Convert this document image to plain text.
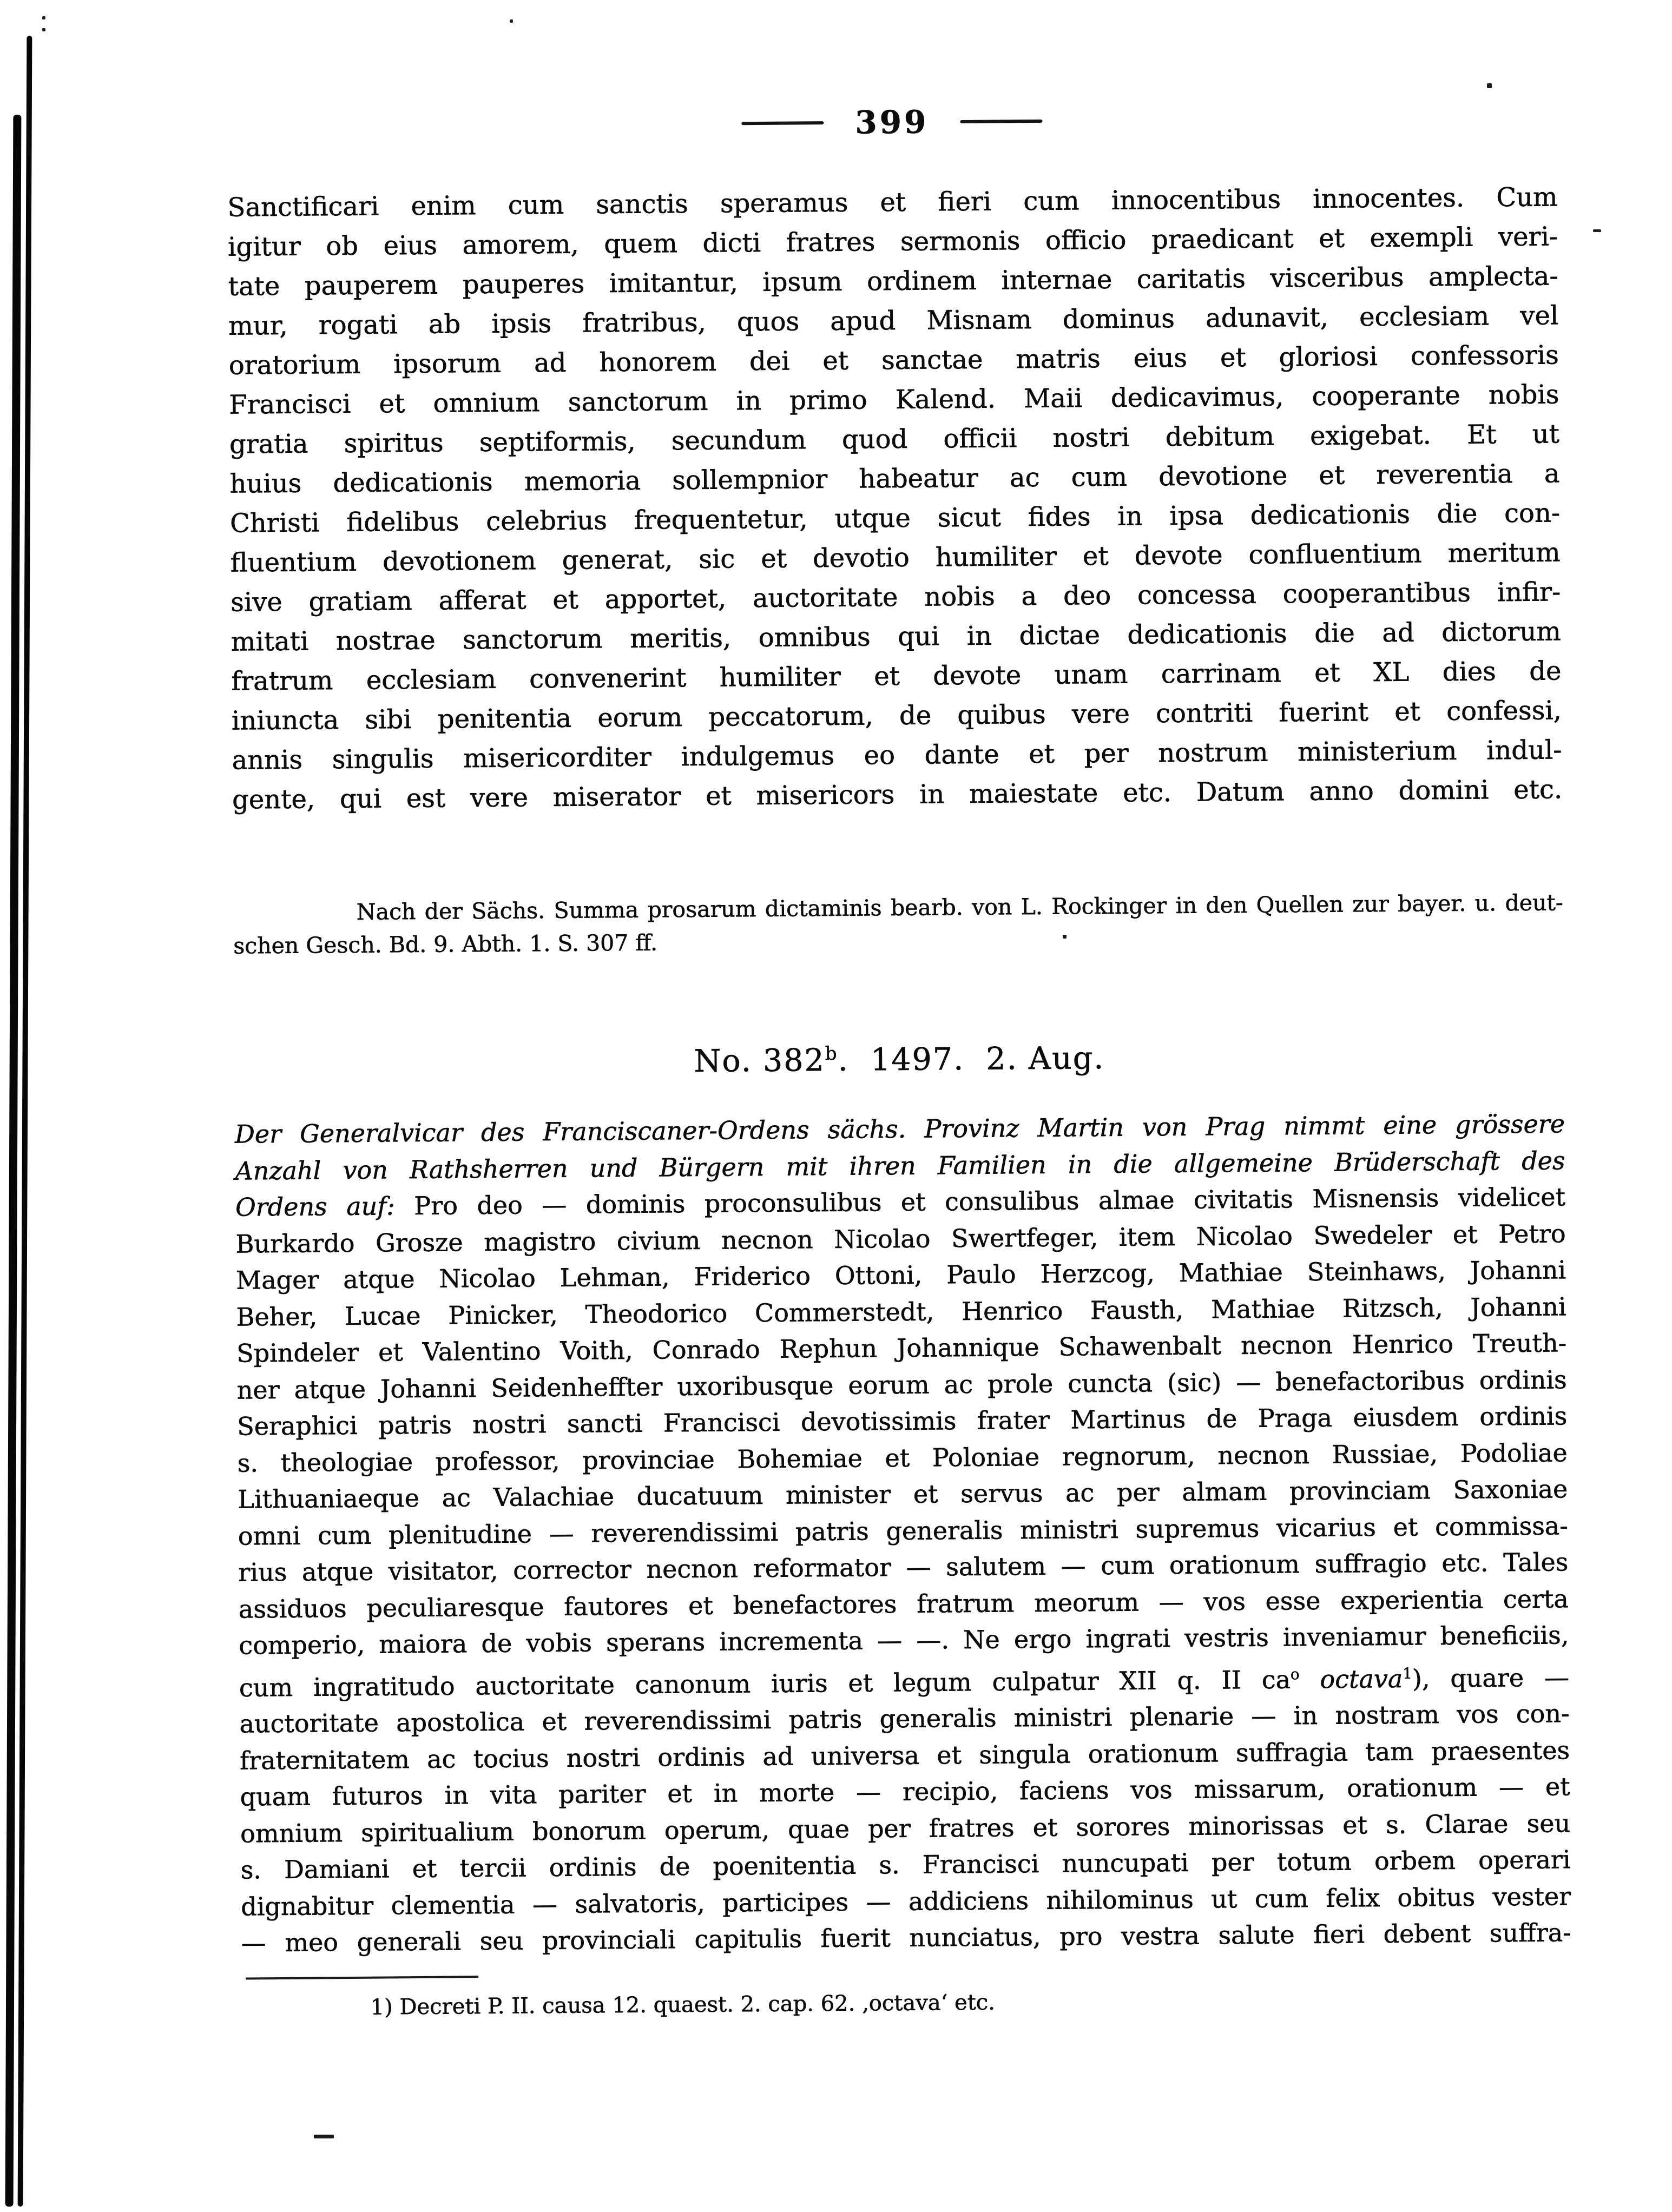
399
Sanctificari enim cum sanctis speramus et fieri cum innocentibus innocentes. Cum
igitur ob eius amorem, quem dicti fratres sermonis officio praedicant et exempli veri-
tate pauperem pauperes imitantur, ipsum ordinem internae caritatis visceribus amplecta-
mur, rogati ab ipsis fratribus, quos apud Misnam dominus adunavit, ecclesiam vel
oratorium ipsorum ad honorem dei et sanctae matris eius et gloriosi confessoris
Francisci et omnium sanctorum in primo Kalend. Maii dedicavimus, cooperante nobis
gratia spiritus septiformis, secundum quod officii nostri debitum exigebat. Et ut
huius dedicationis memoria sollempnior habeatur ac cum devotione et reverentia a
Christi fidelibus celebrius frequentetur, utque sicut fides in ipsa dedicationis die con-
fluentium devotionem generat, sic et devotio humiliter et devote confluentium meritum
sive gratiam afferat et apportet, auctoritate nobis a deo concessa cooperantibus infir-
mitati nostrae sanctorum meritis, omnibus qui in dictae dedicationis die ad dictorum
fratrum ecclesiam convenerint humiliter et devote unam carrinam et XL dies de
iniuncta sibi penitentia eorum peccatorum, de quibus vere contriti fuerint et confessi,
annis singulis misericorditer indulgemus eo dante et per nostrum ministerium indul-
gente, qui est vere miserator et misericors in maiestate etc. Datum anno domini etc.
Nach der Sächs. Summa prosarum dictaminis bearb. von L. Rockinger in den Quellen zur bayer. u. deut-
schen Gesch. Bd. 9. Abth. 1. S. 307 ff.
No. 382$^b$.  1497.  2. Aug.
Der Generalvicar des Franciscaner-Ordens sächs. Provinz Martin von Prag nimmt eine grössere
Anzahl von Rathsherren und Bürgern mit ihren Familien in die allgemeine Brüderschaft des
Ordens auf: Pro deo — dominis proconsulibus et consulibus almae civitatis Misnensis videlicet
Burkardo Grosze magistro civium necnon Nicolao Swertfeger, item Nicolao Swedeler et Petro
Mager atque Nicolao Lehman, Friderico Ottoni, Paulo Herzcog, Mathiae Steinhaws, Johanni
Beher, Lucae Pinicker, Theodorico Commerstedt, Henrico Fausth, Mathiae Ritzsch, Johanni
Spindeler et Valentino Voith, Conrado Rephun Johannique Schawenbalt necnon Henrico Treuth-
ner atque Johanni Seidenheffter uxoribusque eorum ac prole cuncta (sic) — benefactoribus ordinis
Seraphici patris nostri sancti Francisci devotissimis frater Martinus de Praga eiusdem ordinis
s. theologiae professor, provinciae Bohemiae et Poloniae regnorum, necnon Russiae, Podoliae
Lithuaniaeque ac Valachiae ducatuum minister et servus ac per almam provinciam Saxoniae
omni cum plenitudine — reverendissimi patris generalis ministri supremus vicarius et commissa-
rius atque visitator, corrector necnon reformator — salutem — cum orationum suffragio etc. Tales
assiduos peculiaresque fautores et benefactores fratrum meorum — vos esse experientia certa
comperio, maiora de vobis sperans incrementa — —. Ne ergo ingrati vestris inveniamur beneficiis,
cum ingratitudo auctoritate canonum iuris et legum culpatur XII q. II $ca^o$ octava$^1$), quare —
auctoritate apostolica et reverendissimi patris generalis ministri plenarie — in nostram vos con-
fraternitatem ac tocius nostri ordinis ad universa et singula orationum suffragia tam praesentes
quam futuros in vita pariter et in morte — recipio, faciens vos missarum, orationum — et
omnium spiritualium bonorum operum, quae per fratres et sorores minorissas et s. Clarae seu
s. Damiani et tercii ordinis de poenitentia s. Francisci nuncupati per totum orbem operari
dignabitur clementia — salvatoris, participes — addiciens nihilominus ut cum felix obitus vester
— meo generali seu provinciali capitulis fuerit nunciatus, pro vestra salute fieri debent suffra-
1) Decreti P. II. causa 12. quaest. 2. cap. 62. ‚octava‘ etc.
